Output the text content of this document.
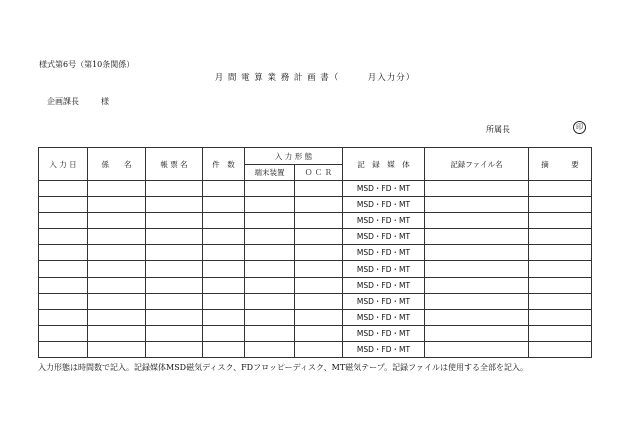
様式第6号（第10条関係）
月 間 電 算 業 務 計 画 書（　　　月入力分）
企画課長	様
所属長	印
入 力 日	係　　名	帳 票 名	件　数	入 力 形 態		記　録　媒　体	記録ファイル名	摘　　　要
				端末装置	Ｏ Ｃ Ｒ			
						MSD・FD・MT		
						MSD・FD・MT		
						MSD・FD・MT		
						MSD・FD・MT		
						MSD・FD・MT		
						MSD・FD・MT		
						MSD・FD・MT		
						MSD・FD・MT		
						MSD・FD・MT		
						MSD・FD・MT		
						MSD・FD・MT		
入力形態は時間数で記入。記録媒体MSD磁気ディスク、FDフロッピーディスク、MT磁気テープ。記録ファイルは使用する全部を記入。
